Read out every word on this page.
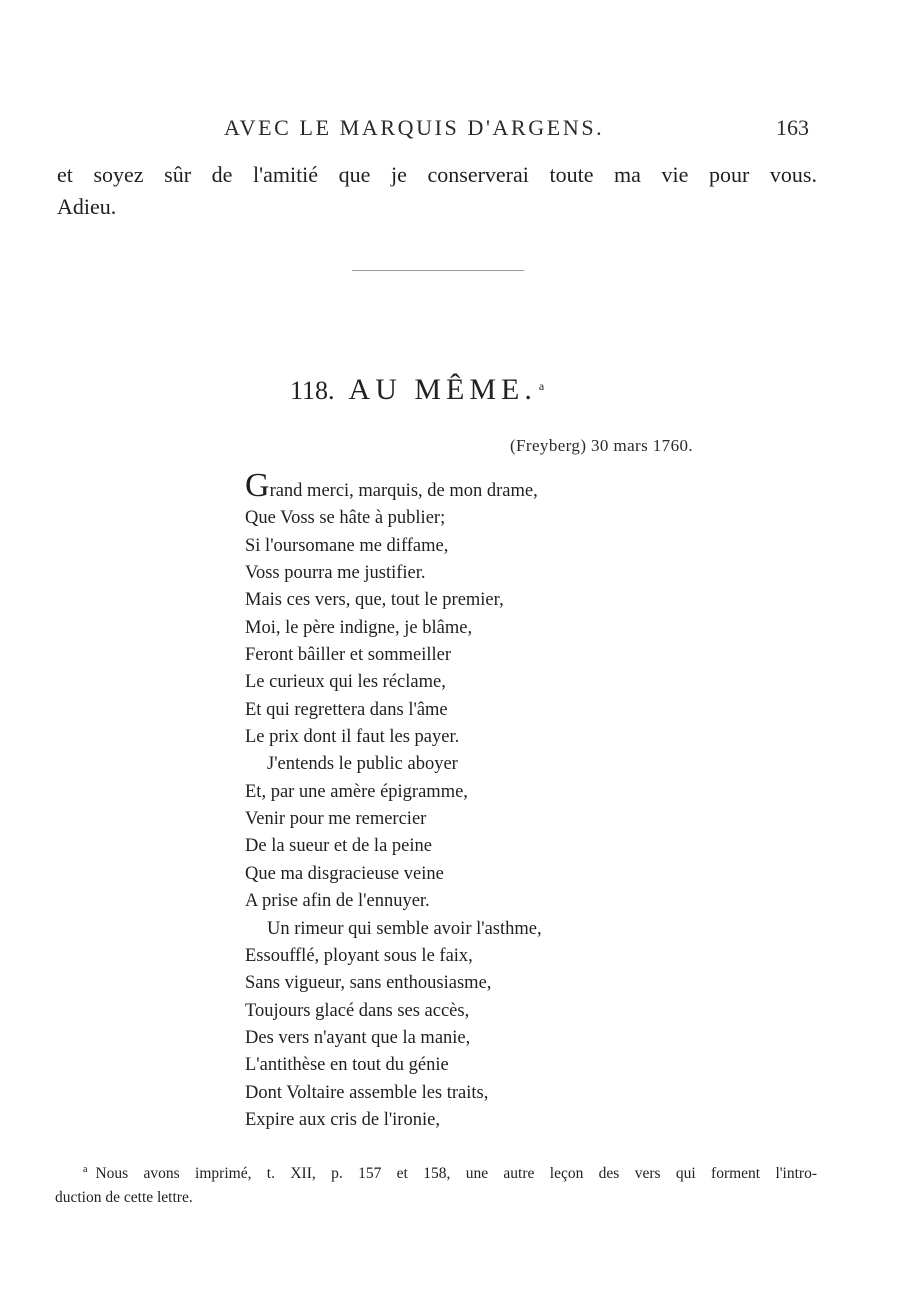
AVEC LE MARQUIS D'ARGENS.	163

et soyez sûr de l'amitié que je conserverai toute ma vie pour vous.

Adieu.

118. AU MÊME. $^a$
(Freyberg) 30 mars 1760.
Grand merci, marquis, de mon drame,
Que Voss se hâte à publier;
Si l'oursomane me diffame,
Voss pourra me justifier.
Mais ces vers, que, tout le premier,
Moi, le père indigne, je blâme,
Feront bâiller et sommeiller
Le curieux qui les réclame,
Et qui regrettera dans l'âme
Le prix dont il faut les payer.
J'entends le public aboyer
Et, par une amère épigramme,
Venir pour me remercier
De la sueur et de la peine
Que ma disgracieuse veine
A prise afin de l'ennuyer.
Un rimeur qui semble avoir l'asthme,
Essoufflé, ployant sous le faix,
Sans vigueur, sans enthousiasme,
Toujours glacé dans ses accès,
Des vers n'ayant que la manie,
L'antithèse en tout du génie
Dont Voltaire assemble les traits,
Expire aux cris de l'ironie,
$^a$ Nous avons imprimé, t. XII, p. 157 et 158, une autre leçon des vers qui forment l'intro-
duction de cette lettre.
